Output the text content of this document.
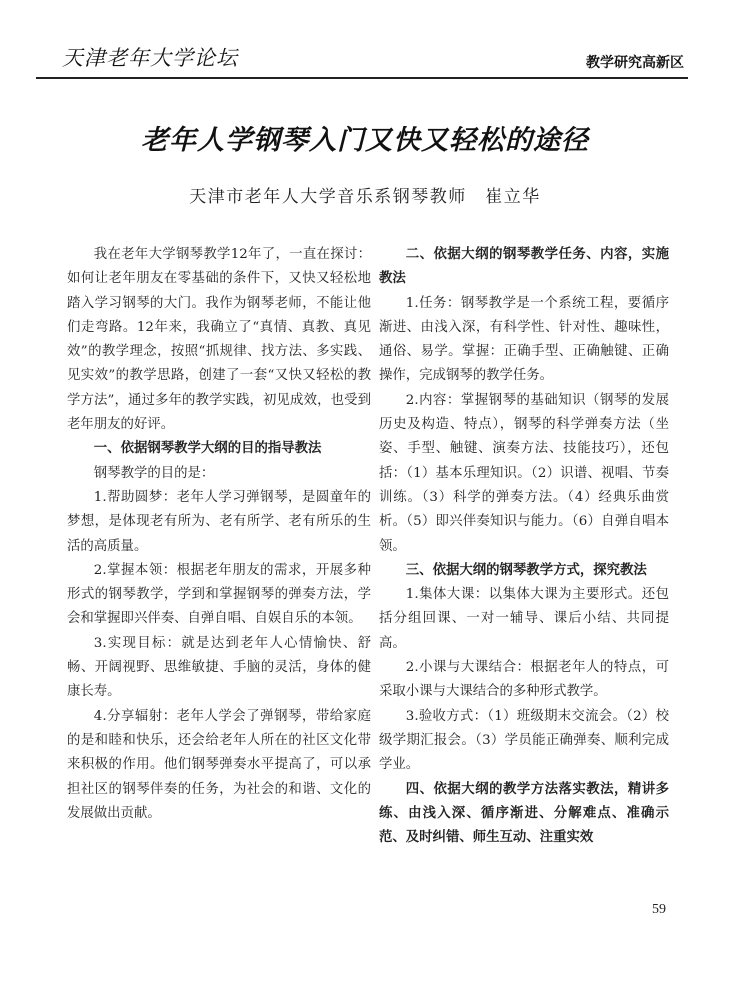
天津老年大学论坛	教学研究高新区
老年人学钢琴入门又快又轻松的途径
天津市老年人大学音乐系钢琴教师　崔立华

我在老年大学钢琴教学12年了，一直在探讨：如何让老年朋友在零基础的条件下，又快又轻松地踏入学习钢琴的大门。我作为钢琴老师，不能让他们走弯路。12年来，我确立了“真情、真教、真见效”的教学理念，按照“抓规律、找方法、多实践、见实效”的教学思路，创建了一套“又快又轻松的教学方法”，通过多年的教学实践，初见成效，也受到老年朋友的好评。

一、依据钢琴教学大纲的目的指导教法

钢琴教学的目的是：

1.帮助圆梦：老年人学习弹钢琴，是圆童年的梦想，是体现老有所为、老有所学、老有所乐的生活的高质量。

2.掌握本领：根据老年朋友的需求，开展多种形式的钢琴教学，学到和掌握钢琴的弹奏方法，学会和掌握即兴伴奏、自弹自唱、自娱自乐的本领。

3.实现目标：就是达到老年人心情愉快、舒畅、开阔视野、思维敏捷、手脑的灵活，身体的健康长寿。

4.分享辐射：老年人学会了弹钢琴，带给家庭的是和睦和快乐，还会给老年人所在的社区文化带来积极的作用。他们钢琴弹奏水平提高了，可以承担社区的钢琴伴奏的任务，为社会的和谐、文化的发展做出贡献。

二、依据大纲的钢琴教学任务、内容，实施教法

1.任务：钢琴教学是一个系统工程，要循序渐进、由浅入深，有科学性、针对性、趣味性，通俗、易学。掌握：正确手型、正确触键、正确操作，完成钢琴的教学任务。

2.内容：掌握钢琴的基础知识（钢琴的发展历史及构造、特点），钢琴的科学弹奏方法（坐姿、手型、触键、演奏方法、技能技巧），还包括：（1）基本乐理知识。（2）识谱、视唱、节奏训练。（3）科学的弹奏方法。（4）经典乐曲赏析。（5）即兴伴奏知识与能力。（6）自弹自唱本领。

三、依据大纲的钢琴教学方式，探究教法

1.集体大课：以集体大课为主要形式。还包括分组回课、一对一辅导、课后小结、共同提高。

2.小课与大课结合：根据老年人的特点，可采取小课与大课结合的多种形式教学。

3.验收方式：（1）班级期末交流会。（2）校级学期汇报会。（3）学员能正确弹奏、顺利完成学业。

四、依据大纲的教学方法落实教法，精讲多练、由浅入深、循序渐进、分解难点、准确示范、及时纠错、师生互动、注重实效

59
